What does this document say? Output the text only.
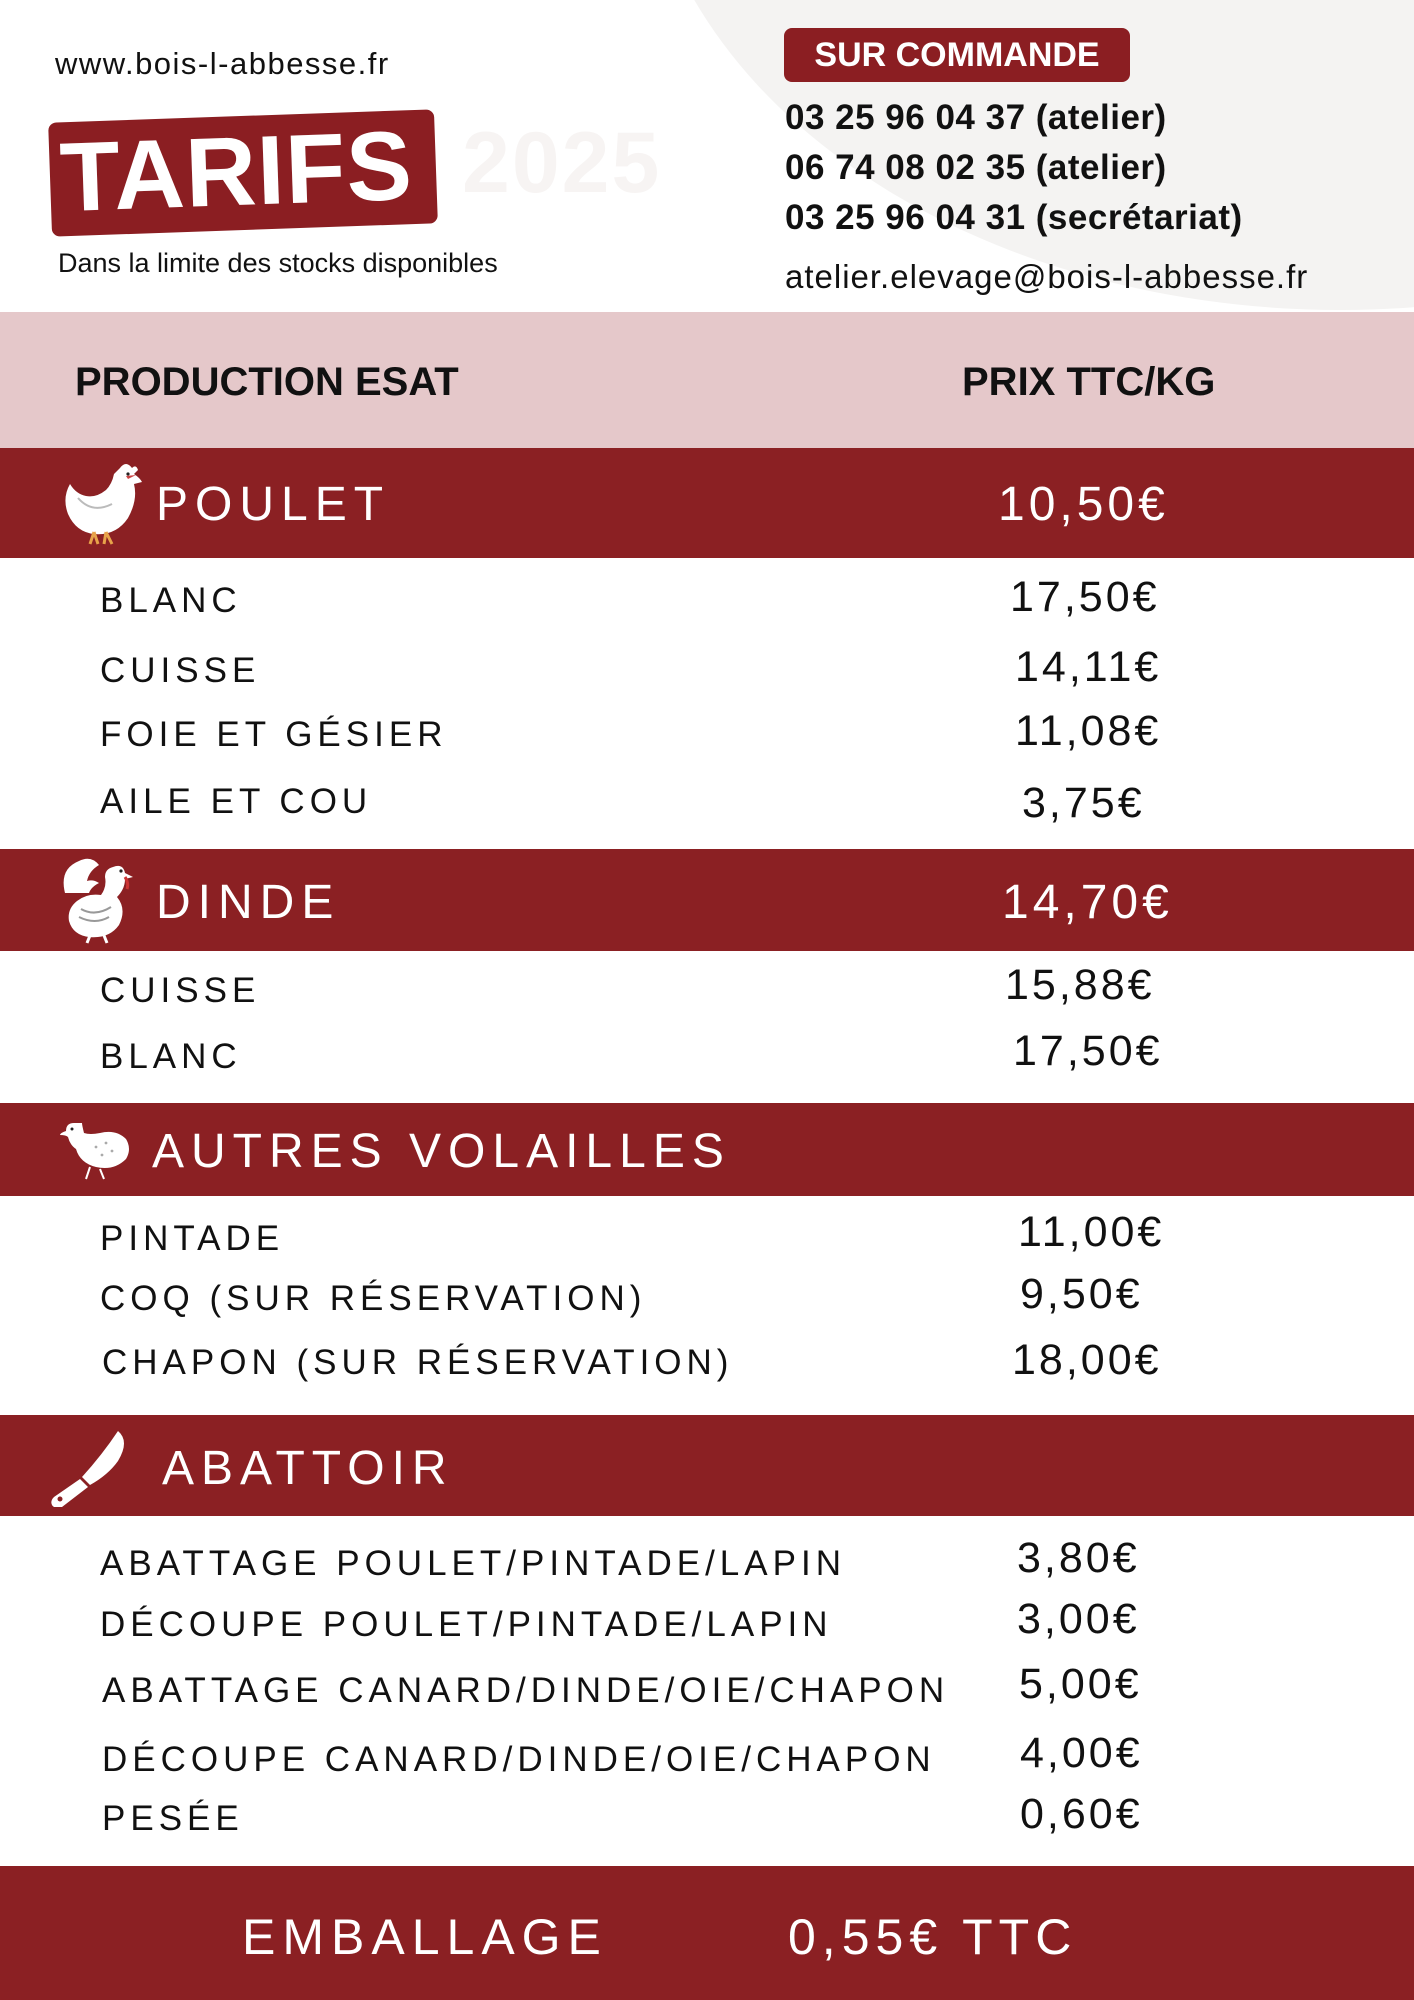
www.bois-l-abbesse.fr
TARIFS 2025
Dans la limite des stocks disponibles
SUR COMMANDE
03 25 96 04 37 (atelier)
06 74 08 02 35 (atelier)
03 25 96 04 31 (secrétariat)
atelier.elevage@bois-l-abbesse.fr
PRODUCTION ESAT	PRIX TTC/KG
POULET	10,50€
BLANC	17,50€
CUISSE	14,11€
FOIE ET GÉSIER	11,08€
AILE ET COU	3,75€
DINDE	14,70€
CUISSE	15,88€
BLANC	17,50€
AUTRES VOLAILLES
PINTADE	11,00€
COQ (SUR RÉSERVATION)	9,50€
CHAPON (SUR RÉSERVATION)	18,00€
ABATTOIR
ABATTAGE POULET/PINTADE/LAPIN	3,80€
DÉCOUPE POULET/PINTADE/LAPIN	3,00€
ABATTAGE CANARD/DINDE/OIE/CHAPON 5,00€
DÉCOUPE CANARD/DINDE/OIE/CHAPON 4,00€
PESÉE	0,60€
EMBALLAGE	0,55€ TTC
